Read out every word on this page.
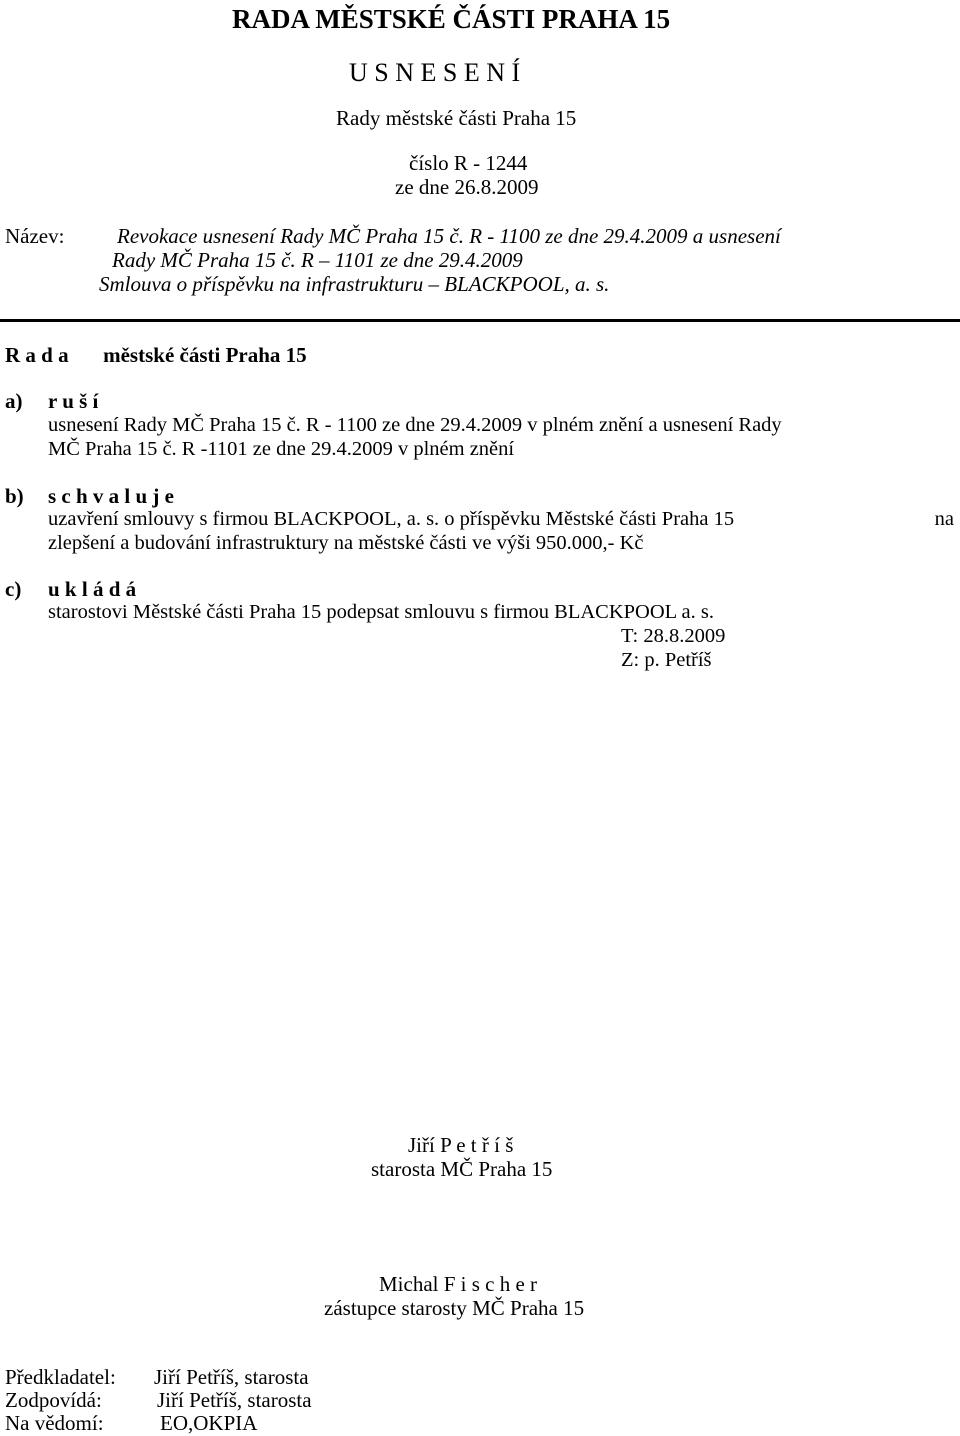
RADA MĚSTSKÉ ČÁSTI PRAHA 15
U S N E S E N Í
Rady městské části Praha 15
číslo R - 1244
ze dne 26.8.2009
Název:	Revokace usnesení Rady MČ Praha 15 č. R - 1100 ze dne 29.4.2009 a usnesení
Rady MČ Praha 15 č. R – 1101 ze dne 29.4.2009
Smlouva o příspěvku na infrastrukturu – BLACKPOOL, a. s.
R a d a městské části Praha 15
a) r u š í
usnesení Rady MČ Praha 15 č. R - 1100 ze dne 29.4.2009 v plném znění a usnesení Rady
MČ Praha 15 č. R -1101 ze dne 29.4.2009 v plném znění
b) s c h v a l u j e
uzavření smlouvy s firmou BLACKPOOL, a. s. o příspěvku Městské části Praha 15	na
zlepšení a budování infrastruktury na městské části ve výši 950.000,- Kč
c) u k l á d á
starostovi Městské části Praha 15 podepsat smlouvu s firmou BLACKPOOL a. s.
T: 28.8.2009
Z: p. Petříš
Jiří P e t ř í š
starosta MČ Praha 15
Michal F i s c h e r
zástupce starosty MČ Praha 15
Předkladatel: Jiří Petříš, starosta
Zodpovídá:	Jiří Petříš, starosta
Na vědomí:	EO,OKPIA
